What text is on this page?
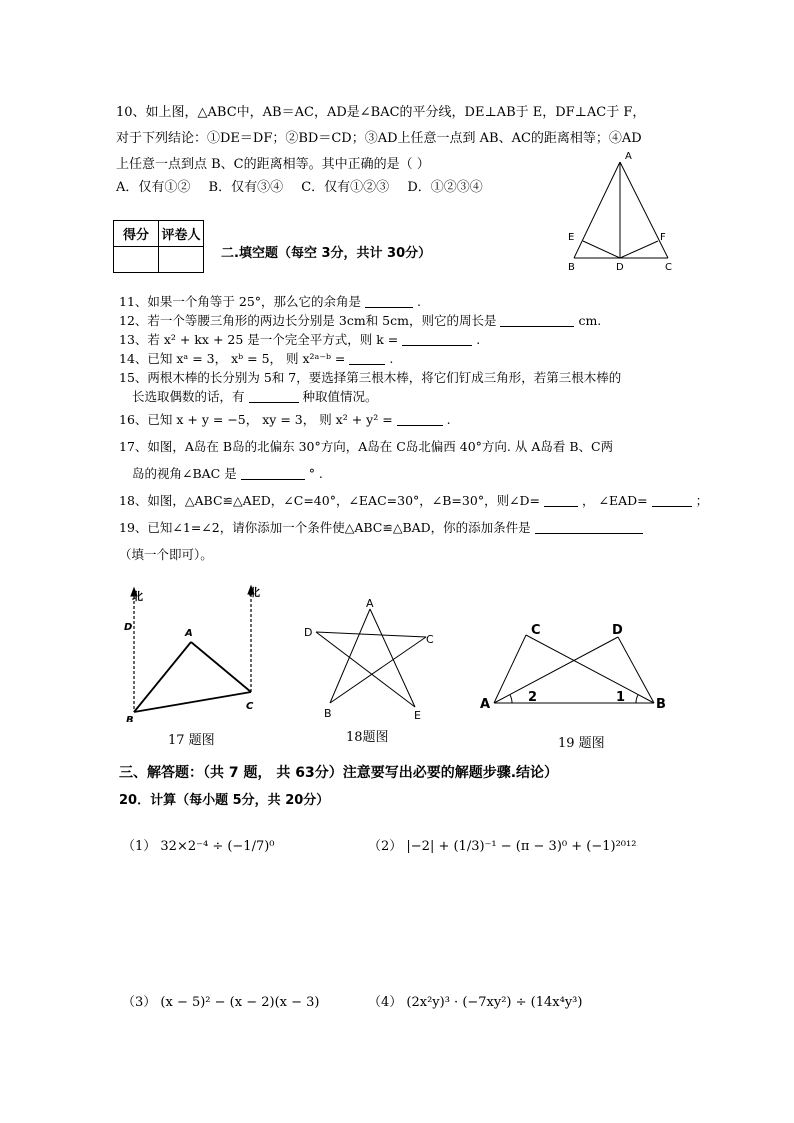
10、如上图，△ABC中，AB＝AC，AD是∠BAC的平分线，DE⊥AB于 E，DF⊥AC于 F，
对于下列结论：①DE＝DF；②BD＝CD；③AD上任意一点到 AB、AC的距离相等；④AD
上任意一点到点 B、C的距离相等。其中正确的是（ ）
A．仅有①② B．仅有③④ C．仅有①②③ D．①②③④
A
B	C
D
E	F
得分	评卷人

二.填空题（每空 3分，共计 30分）
11、如果一个角等于 25°，那么它的余角是	.
12、若一个等腰三角形的两边长分别是 3cm和 5cm，则它的周长是	cm.
13、若 x² + kx + 25 是一个完全平方式，则 k =	.
14、已知 xᵃ = 3， xᵇ = 5， 则 x²ᵃ⁻ᵇ =	.
15、两根木棒的长分别为 5和 7，要选择第三根木棒，将它们钉成三角形，若第三根木棒的
长选取偶数的话，有	种取值情况。
16、已知 x + y = −5， xy = 3， 则 x² + y² =	.
17、如图，A岛在 B岛的北偏东 30°方向，A岛在 C岛北偏西 40°方向. 从 A岛看 B、C两
岛的视角∠BAC 是	° .
18、如图，△ABC≌△AED，∠C=40°，∠EAC=30°，∠B=30°，则∠D=	， ∠EAD=	；
19、已知∠1=∠2，请你添加一个条件使△ABC≌△BAD，你的添加条件是
（填一个即可）。
北	北
D
A
B
C
17 题图
A
D
C
B	E
18题图
A	B
C	D
2	1
19 题图
三、解答题：（共 7 题， 共 63分）注意要写出必要的解题步骤.结论）
20．计算（每小题 5分，共 20分）
（1） 32×2⁻⁴ ÷ (−1/7)⁰	（2） |−2| + (1/3)⁻¹ − (π − 3)⁰ + (−1)²⁰¹²
（3） (x − 5)² − (x − 2)(x − 3)	（4） (2x²y)³ · (−7xy²) ÷ (14x⁴y³)
